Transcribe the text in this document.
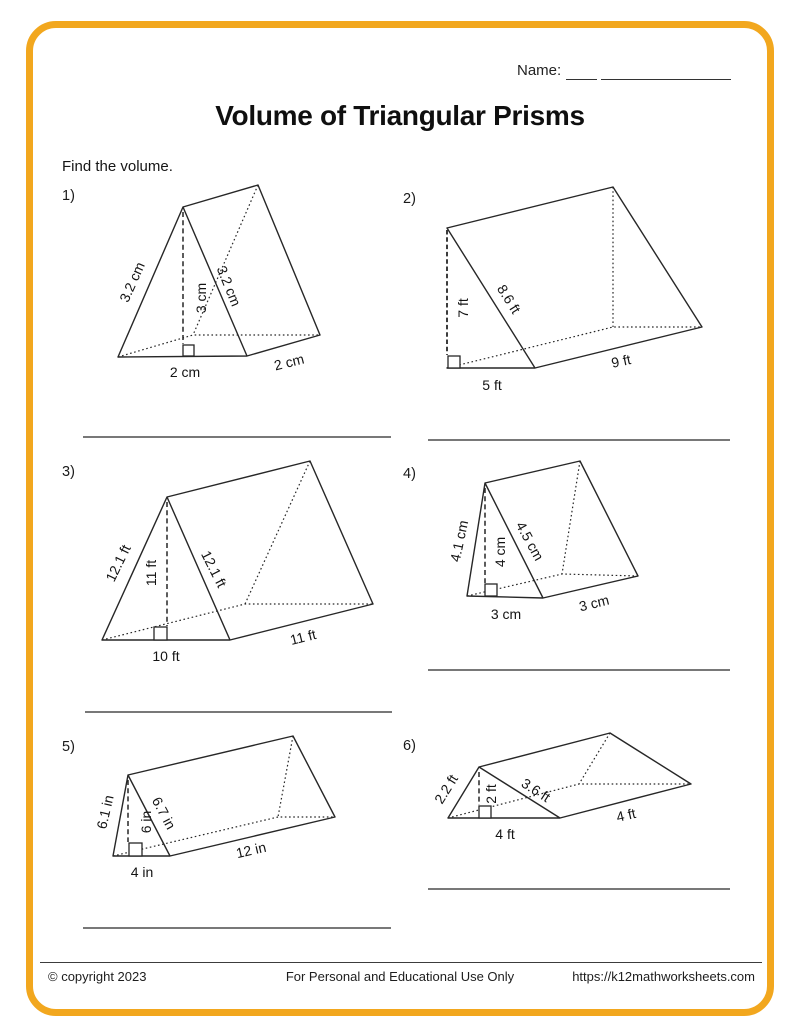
Name:
Volume of Triangular Prisms
Find the volume.
1)	2)
3)	4)
5)	6)
3.2 cm	3 cm 3.2 cm
2 cm	2 cm
7 ft 8.6 ft
5 ft
9 ft
12.1 ft 11 ft	12.1 ft
10 ft
11 ft
4.1 cm 4 cm 4.5 cm
3 cm	3 cm
6.1 in 6 in
6.7 in
4 in
12 in
2.2 ft 2 ft 3.6 ft
4 ft
4 ft
© copyright 2023	For Personal and Educational Use Only	https://k12mathworksheets.com
